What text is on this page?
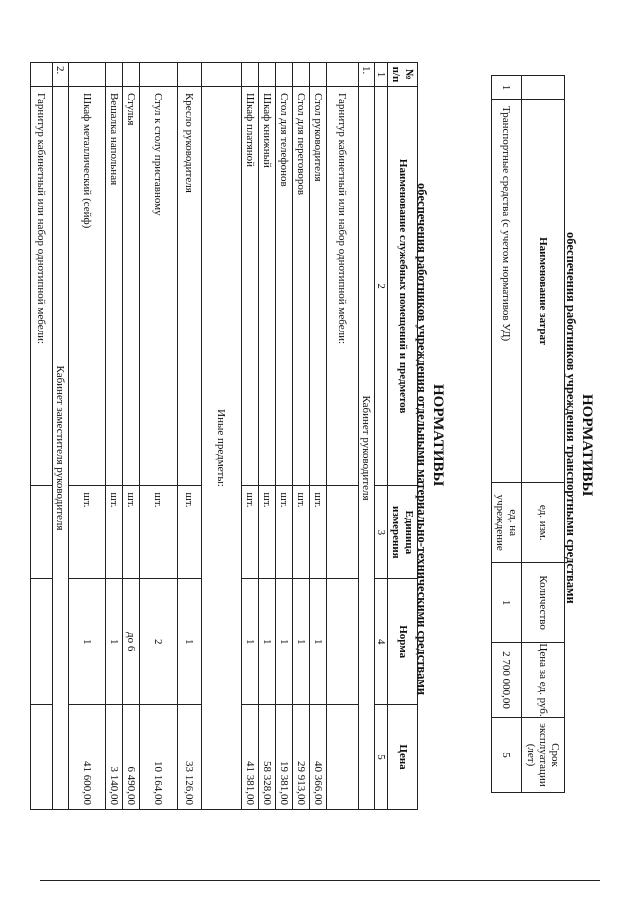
НОРМАТИВЫ
обеспечения работников учреждения транспортными средствами
	Наименование затрат	ед. изм.	Количество	Цена за ед. руб.	Срок эксплуатации (лет)
1	Транспортные средства (с учетом нормативов УД)	ед. на учреждение	1	2 700 000,00	5
НОРМАТИВЫ
обеспечения работников учреждения отдельными материально-техническими средствами
№ п/п	Наименование служебных помещений и предметов	Единица измерения	Норма	Цена
1	2	3	4	5
1.	Кабинет руководителя			
	Гарнитур кабинетный или набор однотипной мебели:			
	Стол руководителя	шт.	1	40 366,00
	Стол для переговоров	шт.	1	29 913,00
	Стол для телефонов	шт.	1	19 381,00
	Шкаф книжный	шт.	1	58 328,00
	Шкаф платяной	шт.	1	41 381,00
	Иные предметы:			
	Кресло руководителя	шт.	1	33 126,00
	Стул к столу приставному	шт.	2	10 164,00
	Стулья	шт.	до 6	6 490,00
	Вешалка напольная	шт.	1	3 140,00
	Шкаф металлический (сейф)	шт.	1	41 600,00
2.	Кабинет заместителя руководителя			
	Гарнитур кабинетный или набор однотипной мебели:			
